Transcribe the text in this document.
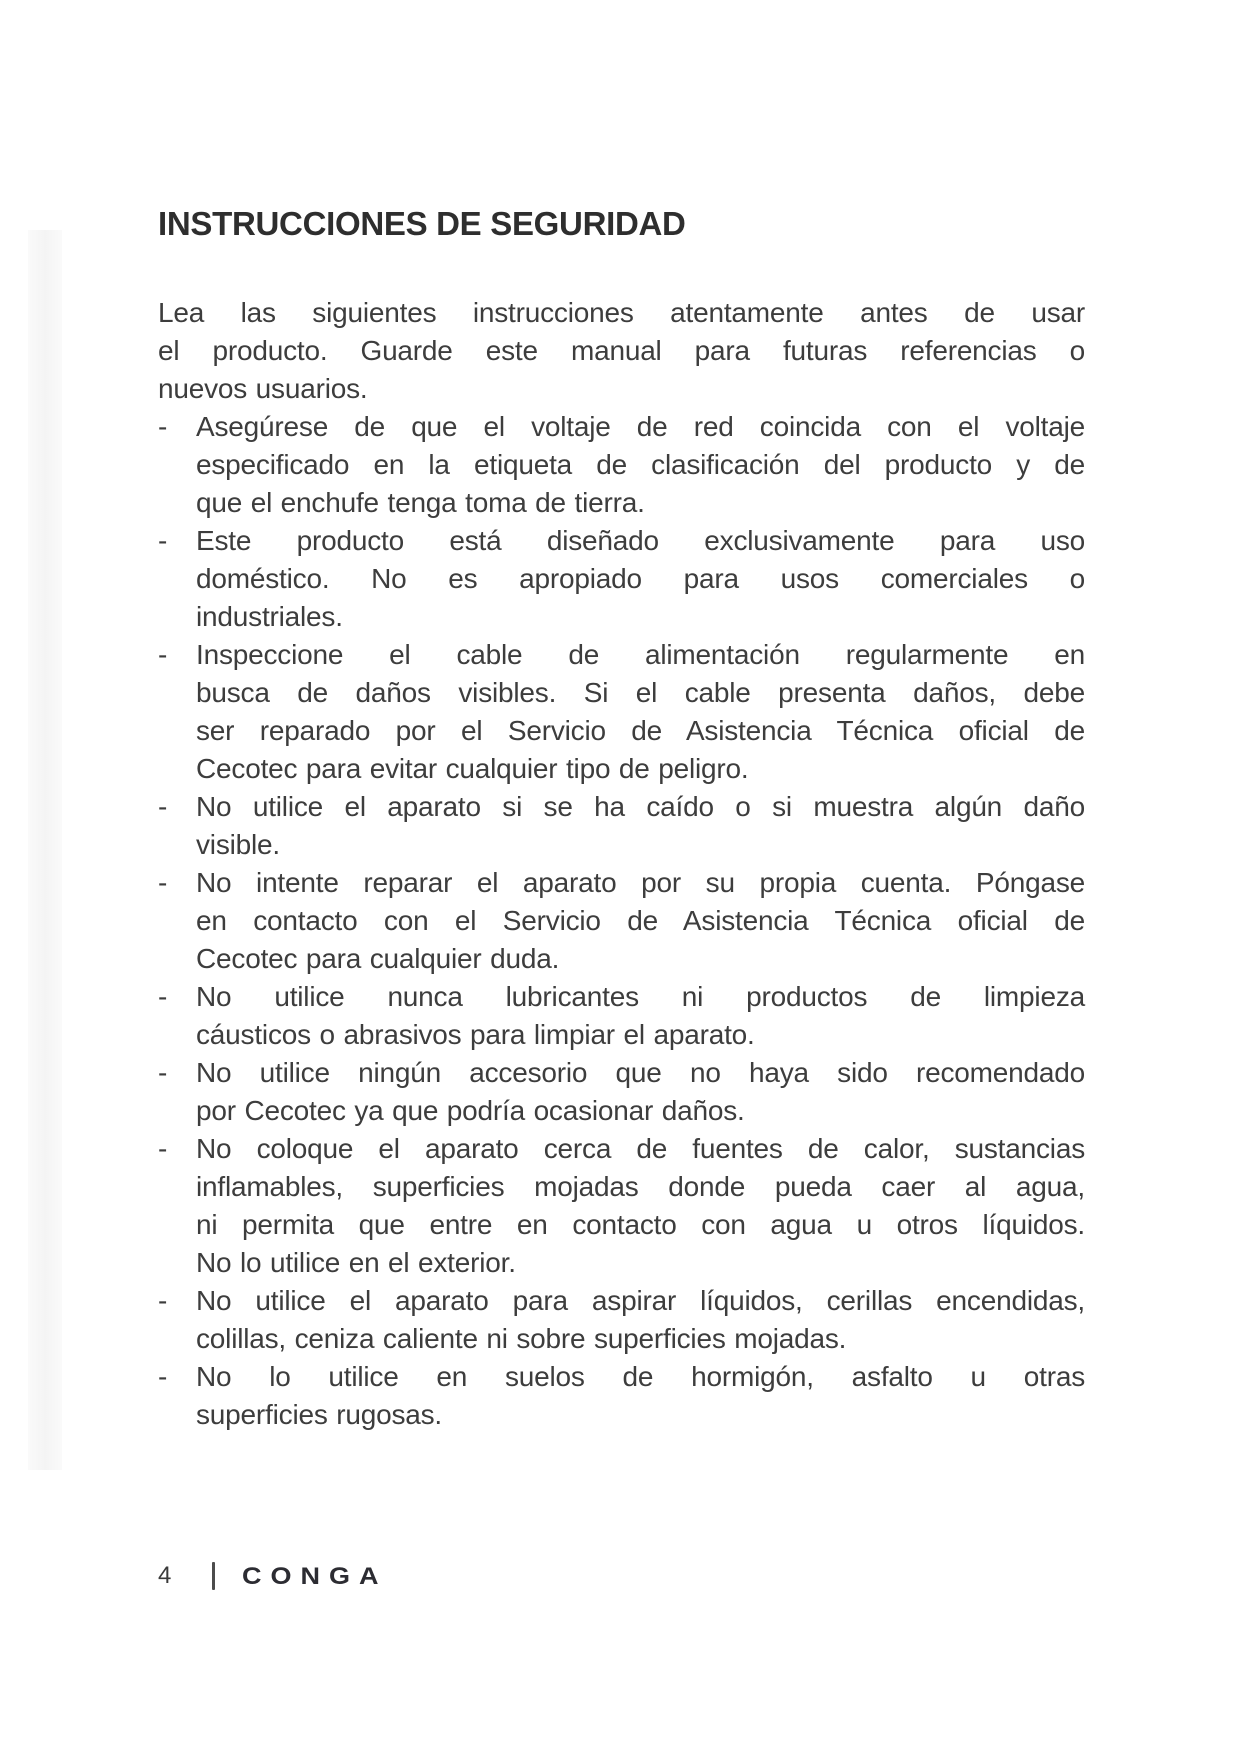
INSTRUCCIONES DE SEGURIDAD
Lea las siguientes instrucciones atentamente antes de usar
el producto. Guarde este manual para futuras referencias o
nuevos usuarios.
- Asegúrese de que el voltaje de red coincida con el voltaje
especificado en la etiqueta de clasificación del producto y de
que el enchufe tenga toma de tierra.
- Este producto está diseñado exclusivamente para uso
doméstico. No es apropiado para usos comerciales o
industriales.
- Inspeccione el cable de alimentación regularmente en
busca de daños visibles. Si el cable presenta daños, debe
ser reparado por el Servicio de Asistencia Técnica oficial de
Cecotec para evitar cualquier tipo de peligro.
- No utilice el aparato si se ha caído o si muestra algún daño
visible.
- No intente reparar el aparato por su propia cuenta. Póngase
en contacto con el Servicio de Asistencia Técnica oficial de
Cecotec para cualquier duda.
- No utilice nunca lubricantes ni productos de limpieza
cáusticos o abrasivos para limpiar el aparato.
- No utilice ningún accesorio que no haya sido recomendado
por Cecotec ya que podría ocasionar daños.
- No coloque el aparato cerca de fuentes de calor, sustancias
inflamables, superficies mojadas donde pueda caer al agua,
ni permita que entre en contacto con agua u otros líquidos.
No lo utilice en el exterior.
- No utilice el aparato para aspirar líquidos, cerillas encendidas,
colillas, ceniza caliente ni sobre superficies mojadas.
- No lo utilice en suelos de hormigón, asfalto u otras
superficies rugosas.
4	CONGA
